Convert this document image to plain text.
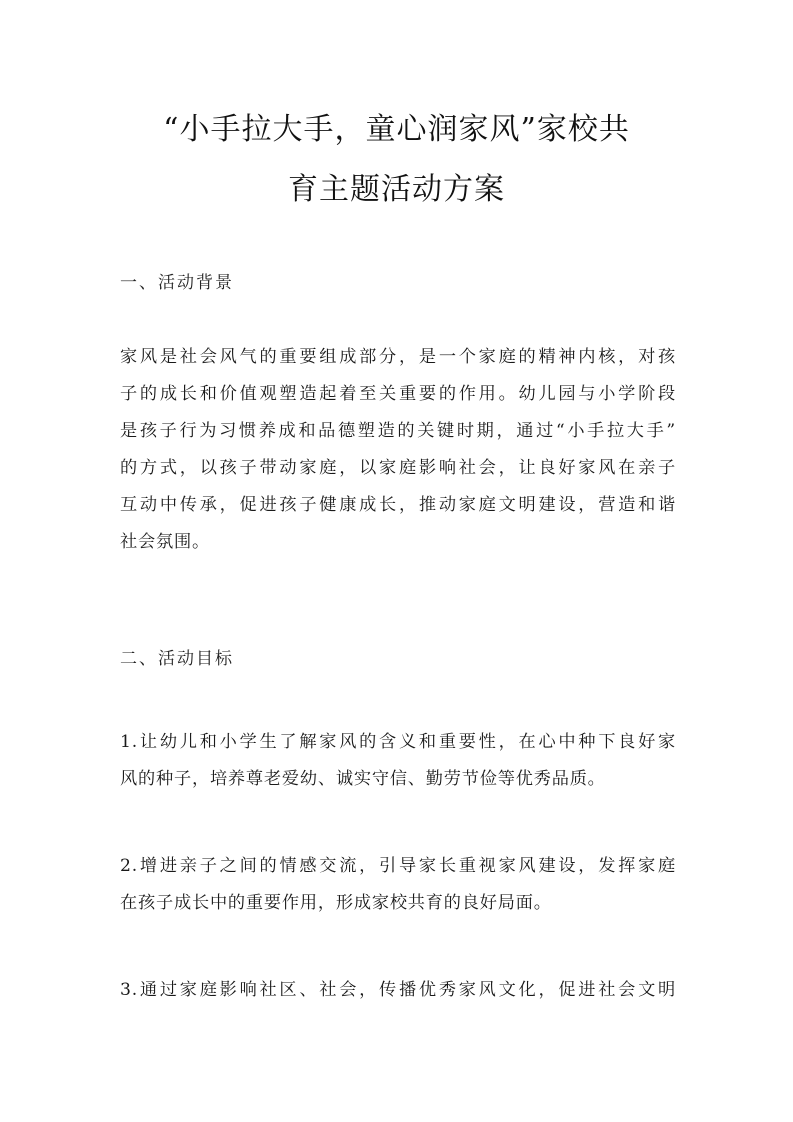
“小手拉大手，童心润家风”家校共
育主题活动方案
一、活动背景
家风是社会风气的重要组成部分，是一个家庭的精神内核，对孩
子的成长和价值观塑造起着至关重要的作用。幼儿园与小学阶段
是孩子行为习惯养成和品德塑造的关键时期，通过“小手拉大手”
的方式，以孩子带动家庭，以家庭影响社会，让良好家风在亲子
互动中传承，促进孩子健康成长，推动家庭文明建设，营造和谐
社会氛围。
二、活动目标
1.让幼儿和小学生了解家风的含义和重要性，在心中种下良好家
风的种子，培养尊老爱幼、诚实守信、勤劳节俭等优秀品质。
2.增进亲子之间的情感交流，引导家长重视家风建设，发挥家庭
在孩子成长中的重要作用，形成家校共育的良好局面。
3.通过家庭影响社区、社会，传播优秀家风文化，促进社会文明
